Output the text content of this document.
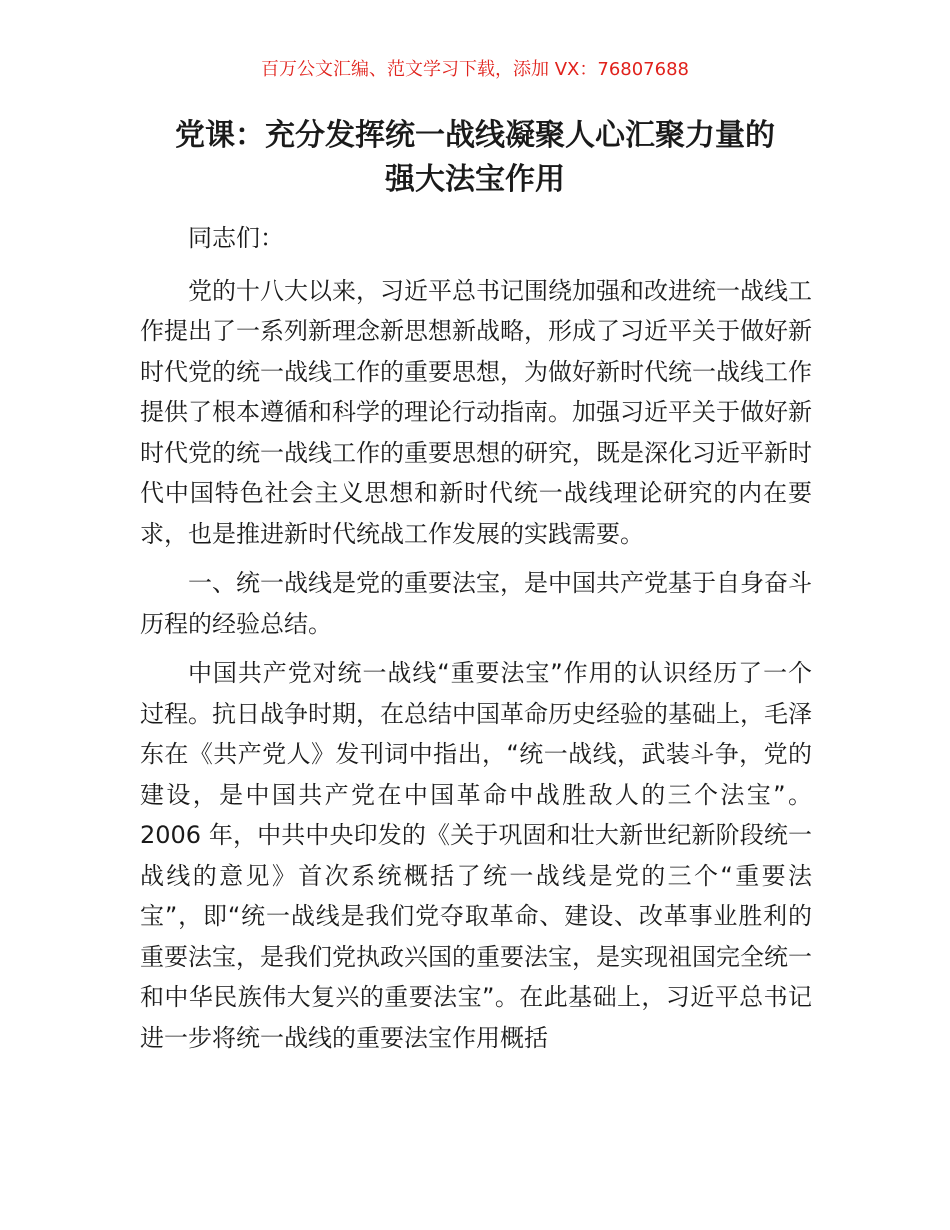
百万公文汇编、范文学习下载，添加 VX：76807688
党课：充分发挥统一战线凝聚人心汇聚力量的
强大法宝作用

同志们：

党的十八大以来，习近平总书记围绕加强和改进统一战线工作提出了一系列新理念新思想新战略，形成了习近平关于做好新时代党的统一战线工作的重要思想，为做好新时代统一战线工作提供了根本遵循和科学的理论行动指南。加强习近平关于做好新时代党的统一战线工作的重要思想的研究，既是深化习近平新时代中国特色社会主义思想和新时代统一战线理论研究的内在要求，也是推进新时代统战工作发展的实践需要。

一、统一战线是党的重要法宝，是中国共产党基于自身奋斗历程的经验总结。

中国共产党对统一战线“重要法宝”作用的认识经历了一个过程。抗日战争时期，在总结中国革命历史经验的基础上，毛泽东在《共产党人》发刊词中指出，“统一战线，武装斗争，党的建设，是中国共产党在中国革命中战胜敌人的三个法宝”。2006 年，中共中央印发的《关于巩固和壮大新世纪新阶段统一战线的意见》首次系统概括了统一战线是党的三个“重要法宝”，即“统一战线是我们党夺取革命、建设、改革事业胜利的重要法宝，是我们党执政兴国的重要法宝，是实现祖国完全统一和中华民族伟大复兴的重要法宝”。在此基础上，习近平总书记进一步将统一战线的重要法宝作用概括
